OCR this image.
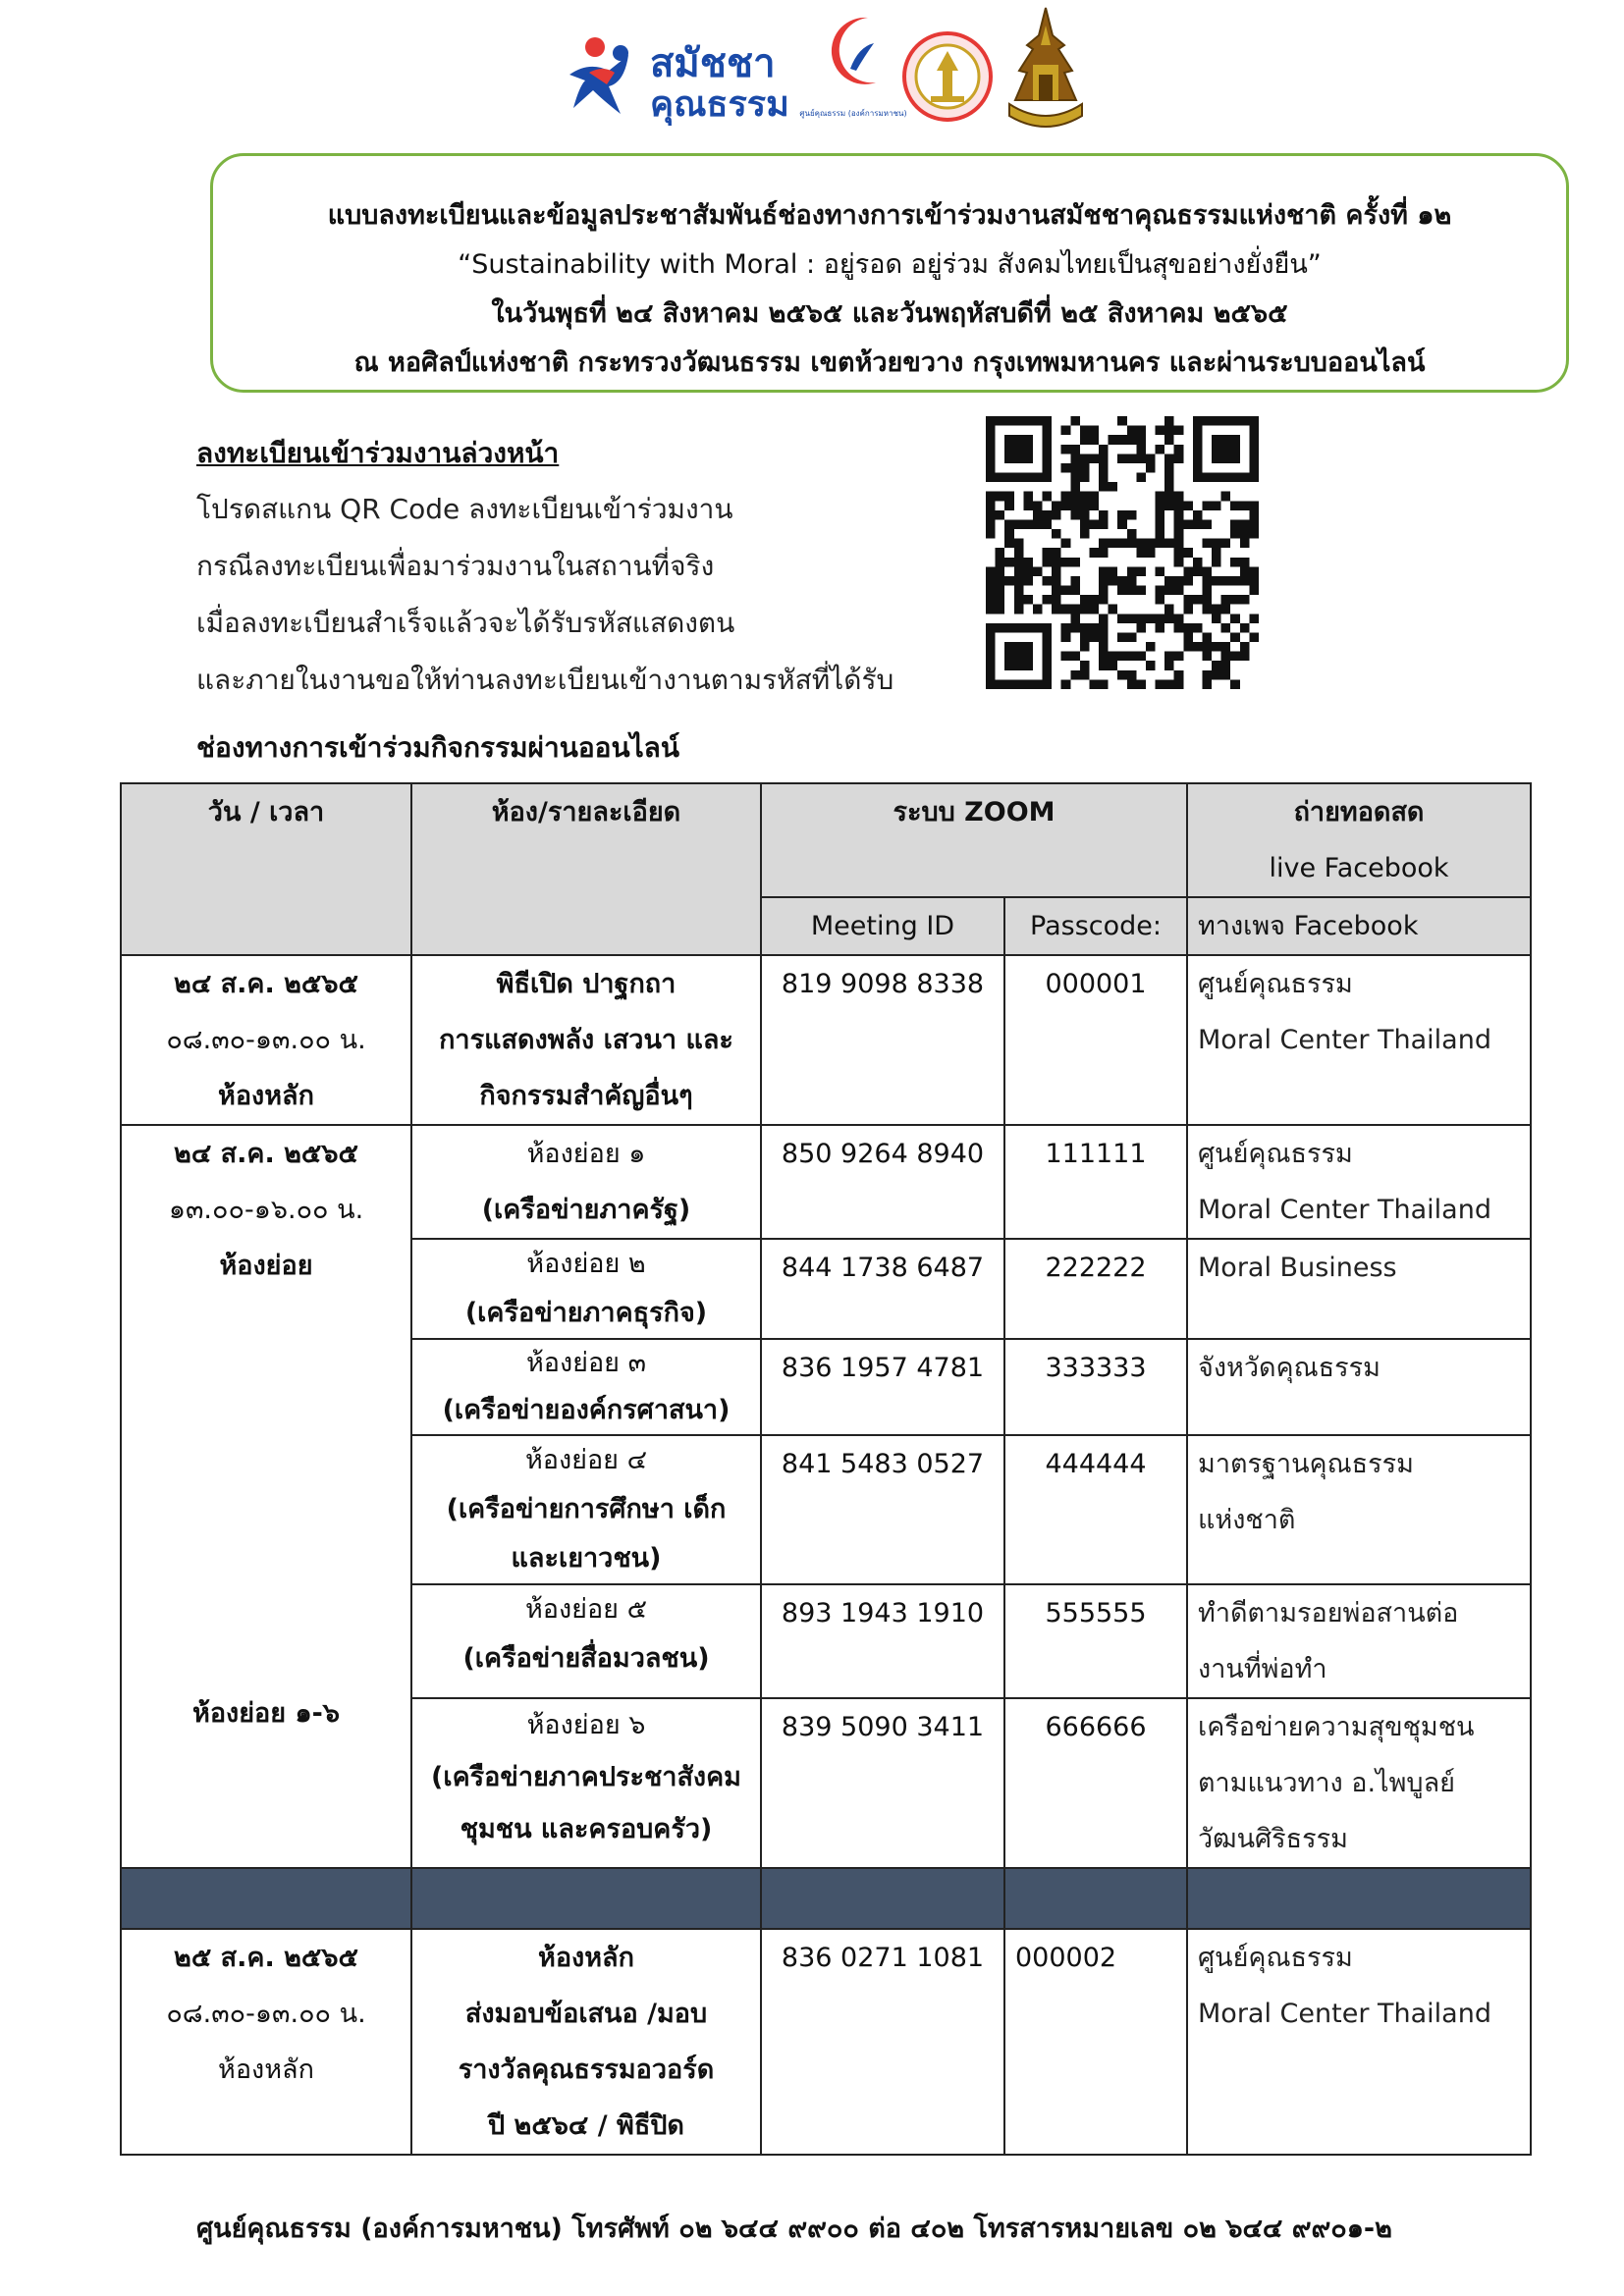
สมัชชา
คุณธรรม ศูนย์คุณธรรม (องค์การมหาชน)
แบบลงทะเบียนและข้อมูลประชาสัมพันธ์ช่องทางการเข้าร่วมงานสมัชชาคุณธรรมแห่งชาติ ครั้งที่ ๑๒
“Sustainability with Moral : อยู่รอด อยู่ร่วม สังคมไทยเป็นสุขอย่างยั่งยืน”
ในวันพุธที่ ๒๔ สิงหาคม ๒๕๖๕ และวันพฤหัสบดีที่ ๒๕ สิงหาคม ๒๕๖๕
ณ หอศิลป์แห่งชาติ กระทรวงวัฒนธรรม เขตห้วยขวาง กรุงเทพมหานคร และผ่านระบบออนไลน์
ลงทะเบียนเข้าร่วมงานล่วงหน้า
โปรดสแกน QR Code ลงทะเบียนเข้าร่วมงาน
กรณีลงทะเบียนเพื่อมาร่วมงานในสถานที่จริง
เมื่อลงทะเบียนสำเร็จแล้วจะได้รับรหัสแสดงตน
และภายในงานขอให้ท่านลงทะเบียนเข้างานตามรหัสที่ได้รับ
ช่องทางการเข้าร่วมกิจกรรมผ่านออนไลน์
วัน / เวลา	ห้อง/รายละเอียด	ระบบ ZOOM		ถ่ายทอดสด
live Facebook
		Meeting ID	Passcode:	ทางเพจ Facebook
๒๔ ส.ค. ๒๕๖๕
๐๘.๓๐-๑๓.๐๐ น.
ห้องหลัก	พิธีเปิด ปาฐกถา
การแสดงพลัง เสวนา และ
กิจกรรมสำคัญอื่นๆ	819 9098 8338	000001	ศูนย์คุณธรรม
Moral Center Thailand
๒๔ ส.ค. ๒๕๖๕
๑๓.๐๐-๑๖.๐๐ น.
ห้องย่อย
ห้องย่อย ๑-๖	ห้องย่อย ๑
(เครือข่ายภาครัฐ)	850 9264 8940	111111	ศูนย์คุณธรรม
Moral Center Thailand

	ห้องย่อย ๒
(เครือข่ายภาคธุรกิจ)	844 1738 6487	222222	Moral Business

	ห้องย่อย ๓
(เครือข่ายองค์กรศาสนา)	836 1957 4781	333333	จังหวัดคุณธรรม

	ห้องย่อย ๔
(เครือข่ายการศึกษา เด็ก
และเยาวชน)	841 5483 0527	444444	มาตรฐานคุณธรรม
แห่งชาติ

	ห้องย่อย ๕
(เครือข่ายสื่อมวลชน)	893 1943 1910	555555	ทำดีตามรอยพ่อสานต่อ
งานที่พ่อทำ

	ห้องย่อย ๖
(เครือข่ายภาคประชาสังคม
ชุมชน และครอบครัว)	839 5090 3411	666666	เครือข่ายความสุขชุมชน
ตามแนวทาง อ.ไพบูลย์
วัฒนศิริธรรม

๒๕ ส.ค. ๒๕๖๕
๐๘.๓๐-๑๓.๐๐ น.
ห้องหลัก	ห้องหลัก
ส่งมอบข้อเสนอ /มอบ
รางวัลคุณธรรมอวอร์ด
ปี ๒๕๖๔ / พิธีปิด	836 0271 1081	000002	ศูนย์คุณธรรม
Moral Center Thailand
ศูนย์คุณธรรม (องค์การมหาชน) โทรศัพท์ ๐๒ ๖๔๔ ๙๙๐๐ ต่อ ๔๐๒ โทรสารหมายเลข ๐๒ ๖๔๔ ๙๙๐๑-๒
